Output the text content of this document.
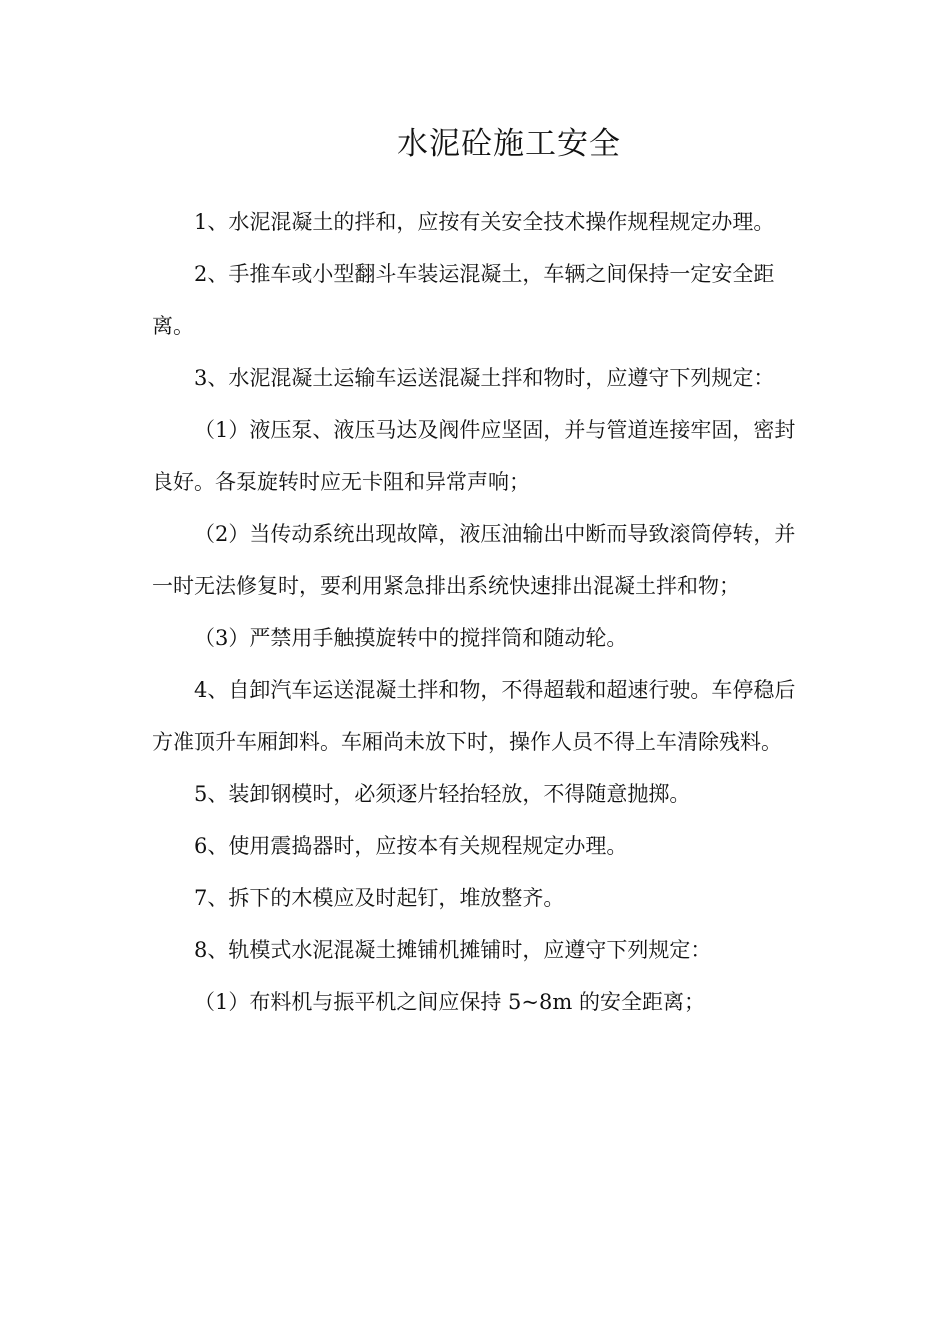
水泥砼施工安全

1、水泥混凝土的拌和，应按有关安全技术操作规程规定办理。

2、手推车或小型翻斗车装运混凝土，车辆之间保持一定安全距离。

3、水泥混凝土运输车运送混凝土拌和物时，应遵守下列规定：

（1）液压泵、液压马达及阀件应坚固，并与管道连接牢固，密封良好。各泵旋转时应无卡阻和异常声响；

（2）当传动系统出现故障，液压油输出中断而导致滚筒停转，并一时无法修复时，要利用紧急排出系统快速排出混凝土拌和物；

（3）严禁用手触摸旋转中的搅拌筒和随动轮。

4、自卸汽车运送混凝土拌和物，不得超载和超速行驶。车停稳后方准顶升车厢卸料。车厢尚未放下时，操作人员不得上车清除残料。

5、装卸钢模时，必须逐片轻抬轻放，不得随意抛掷。

6、使用震捣器时，应按本有关规程规定办理。

7、拆下的木模应及时起钉，堆放整齐。

8、轨模式水泥混凝土摊铺机摊铺时，应遵守下列规定：

（1）布料机与振平机之间应保持 5~8m 的安全距离；
